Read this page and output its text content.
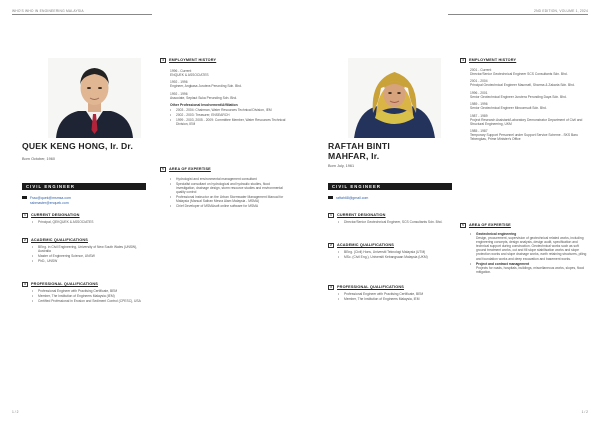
WHO'S WHO IN ENGINEERING MALAYSIA
QUEK KENG HONG, Ir. Dr.
Born October, 1960
CIVIL ENGINEER
Fssc@quek@msmsa.com
ssbmaster@enquek.com
1	CURRENT DESIGNATION
• Principal, QEKQUEK & ASSOCIATES
2	ACADEMIC QUALIFICATIONS
• BEng. in Civil Engineering, University of New South Wales (UNSW), Australia
• Master of Engineering Science, UNSW
• PhD., UNSW
3	PROFESSIONAL QUALIFICATIONS
• Professional Engineer with Practising Certificate, BEM
• Member, The Institution of Engineers Malaysia (IEM)
• Certified Professional in Erosion and Sediment Control (CPESC), USA
4	EMPLOYMENT HISTORY
1996 - Current
ENQUEK & ASSOCIATES
1992 - 1996
Engineer, Angkasa Jurutera Perunding Sdn. Bhd.
1992 - 1996
Associate, Seplaut Suka Perunding Sdn. Bhd.
Other Professional Involvement/Affiliation
• 2003 - 2004: Chairman, Water Resources Technical Division, IEM
• 2002 - 2003: Treasurer, ENSEARCH
• 1999 - 2003, 2005 - 2009: Committee Member, Water Resources Technical Division, IEM
5	AREA OF EXPERTISE
• Hydrologist and environmental management consultant
• Specialist consultant on hydrological and hydraulic studies, flood investigation, drainage design, storm resource studies and environmental quality control
• Professional Instructor on the Urban Stormwater Management Manual for Malaysia (Manual Saliran Mesra Alam Malaysia - MSMA)
• Chief Developer of MSMAsoft online software for MSMA
1 / 2
2ND EDITION, VOLUME 1, 2024
RAFTAH BINTI
MAHFAR, Ir.
Born July, 1961
CIVIL ENGINEER
raftah68@gmail.com
1	CURRENT DESIGNATION
• Director/Senior Geotechnical Engineer, SCS Consultants Sdn. Bhd.
2	ACADEMIC QUALIFICATIONS
• BEng. (Civil) Hons, Universiti Teknologi Malaysia (UTM)
• MSc. (Civil Eng.), Universiti Kebangsaan Malaysia (UKM)
3	PROFESSIONAL QUALIFICATIONS
• Professional Engineer with Practising Certificate, BEM
• Member, The Institution of Engineers Malaysia, IEM
4	EMPLOYMENT HISTORY
2001 - Current
Director/Senior Geotechnical Engineer SCS Consultants Sdn. Bhd.
2001 - 2004
Principal Geotechnical Engineer Maunsell, Sharma & Zakaria Sdn. Bhd.
1996 - 2001
Senior Geotechnical Engineer Jurutera Perunding Daya Sdn. Bhd.
1989 - 1996
Senior Geotechnical Engineer Mincomsult Sdn. Bhd.
1987 - 1989
Project Research Assistant/Laboratory Demonstrator Department of Civil and Structural Engineering, UKM
1985 - 1987
Temporary Support Personnel under Support Service Scheme - SKS Baru Tebengkas, Prime Minister's Office
5	AREA OF EXPERTISE
• Geotechnical engineering
Design, procurement, supervision of geotechnical related works, including engineering concepts, design analysis, design audit, specification and technical support during construction. Geotechnical works such as soft ground treatment works, cut and fill slope stabilisation works and slope protection works and slope drainage works, earth retaining structures, piling and foundation works and deep excavation and basement works.
• Project and contract management
Projects for roads, hospitals, buildings, miscellaneous works, slopes, flood mitigation.
1 / 2
